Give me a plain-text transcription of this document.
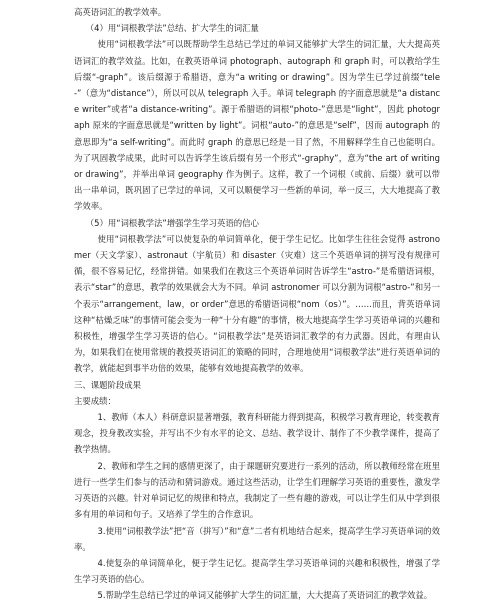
高英语词汇的教学效率。

（4）用“词根教学法”总结、扩大学生的词汇量

使用“词根教学法”可以既帮助学生总结已学过的单词又能够扩大学生的词汇量，大大提高英语词汇的教学效益。比如，在教英语单词 photograph、autograph 和 graph 时，可以教给学生后缀“-graph”。该后缀源于希腊语，意为“a writing or drawing”。因为学生已学过前缀“tele-”（意为“distance”），所以可以从 telegraph 入手。单词 telegraph 的字面意思就是“a distance writer”或者“a distance-writing”。源于希腊语的词根“photo-”意思是“light”，因此 photograph 原来的字面意思就是“written by light”。词根“auto-”的意思是“self”，因而 autograph 的意思即为“a self-writing”。而此时 graph 的意思已经是一目了然，不用解释学生自己也能明白。为了巩固教学成果，此时可以告诉学生该后缀有另一个形式“-graphy”，意为“the art of writing or drawing”，并举出单词 geography 作为例子。这样，教了一个词根（或前、后缀）就可以带出一串单词，既巩固了已学过的单词，又可以顺便学习一些新的单词，举一反三，大大地提高了教学效率。

（5）用“词根教学法”增强学生学习英语的信心

使用“词根教学法”可以使复杂的单词简单化，便于学生记忆。比如学生往往会觉得 astronomer（天文学家）、astronaut（宇航员）和 disaster（灾难）这三个英语单词的拼写没有规律可循，很不容易记忆，经常拼错。如果我们在教这三个英语单词时告诉学生“astro-”是希腊语词根，表示“star”的意思，教学的效果就会大为不同。单词 astronomer 可以分割为词根“astro-”和另一个表示“arrangement，law，or order”意思的希腊语词根“nom（os）”。……而且，背英语单词这种“枯燥乏味”的事情可能会变为一种“十分有趣”的事情，极大地提高学生学习英语单词的兴趣和积极性，增强学生学习英语的信心。“词根教学法”是英语词汇教学的有力武器。因此，有理由认为，如果我们在使用常规的教授英语词汇的策略的同时，合理地使用“词根教学法”进行英语单词的教学，就能起到事半功倍的效果，能够有效地提高教学的效率。

三、课题阶段成果

主要成绩：

1、教师（本人）科研意识显著增强，教育科研能力得到提高，积极学习教育理论，转变教育观念，投身教改实验，并写出不少有水平的论文、总结、教学设计、制作了不少教学课件，提高了教学热情。

2、教师和学生之间的感情更深了，由于课题研究要进行一系列的活动，所以教师经常在班里进行一些学生们参与的活动和猜词游戏。通过这些活动，让学生们理解学习英语的重要性，激发学习英语的兴趣。针对单词记忆的规律和特点，我制定了一些有趣的游戏，可以让学生们从中学到很多有用的单词和句子。又培养了学生的合作意识。

3.使用“词根教学法”把“音（拼写）”和“意”二者有机地结合起来，提高学生学习英语单词的效率。

4.使复杂的单词简单化，便于学生记忆。提高学生学习英语单词的兴趣和积极性，增强了学生学习英语的信心。

5.帮助学生总结已学过的单词又能够扩大学生的词汇量，大大提高了英语词汇的教学效益。
